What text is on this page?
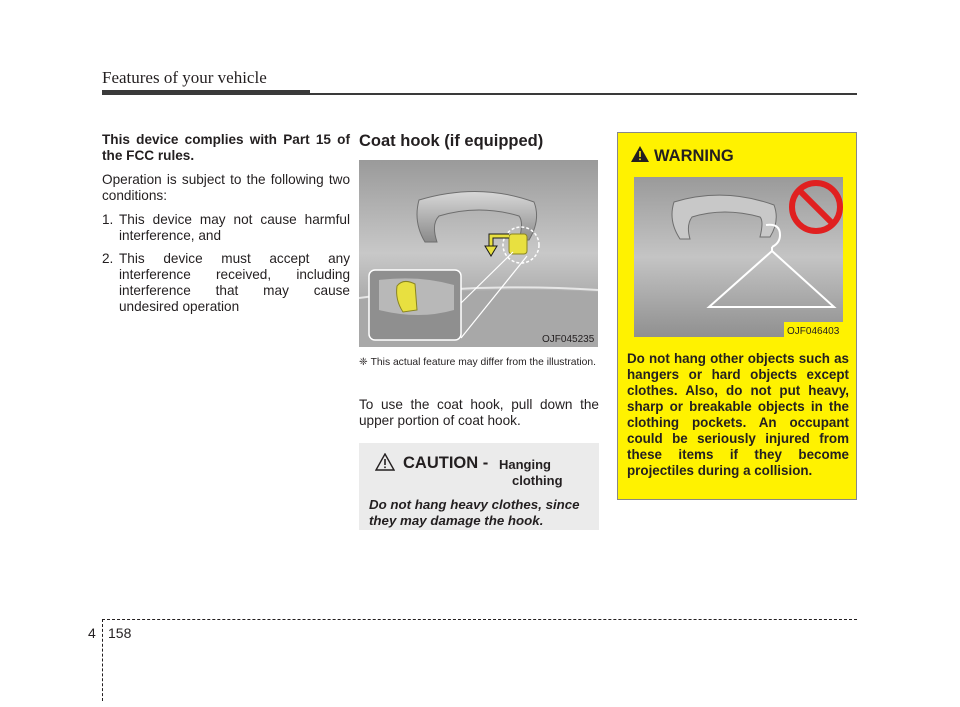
Features of your vehicle

This device complies with Part 15 of the FCC rules.

Operation is subject to the following two conditions:

1. This device may not cause harmful interference, and
2. This device must accept any interference received, including interference that may cause undesired operation
Coat hook (if equipped)
OJF045235
❈ This actual feature may differ from the illustration.

To use the coat hook, pull down the upper portion of coat hook.

CAUTION - Hanging
clothing
Do not hang heavy clothes, since they may damage the hook.
WARNING
OJF046403

Do not hang other objects such as hangers or hard objects except clothes. Also, do not put heavy, sharp or breakable objects in the clothing pockets. An occupant could be seriously injured from these items if they become projectiles during a collision.

4 158
